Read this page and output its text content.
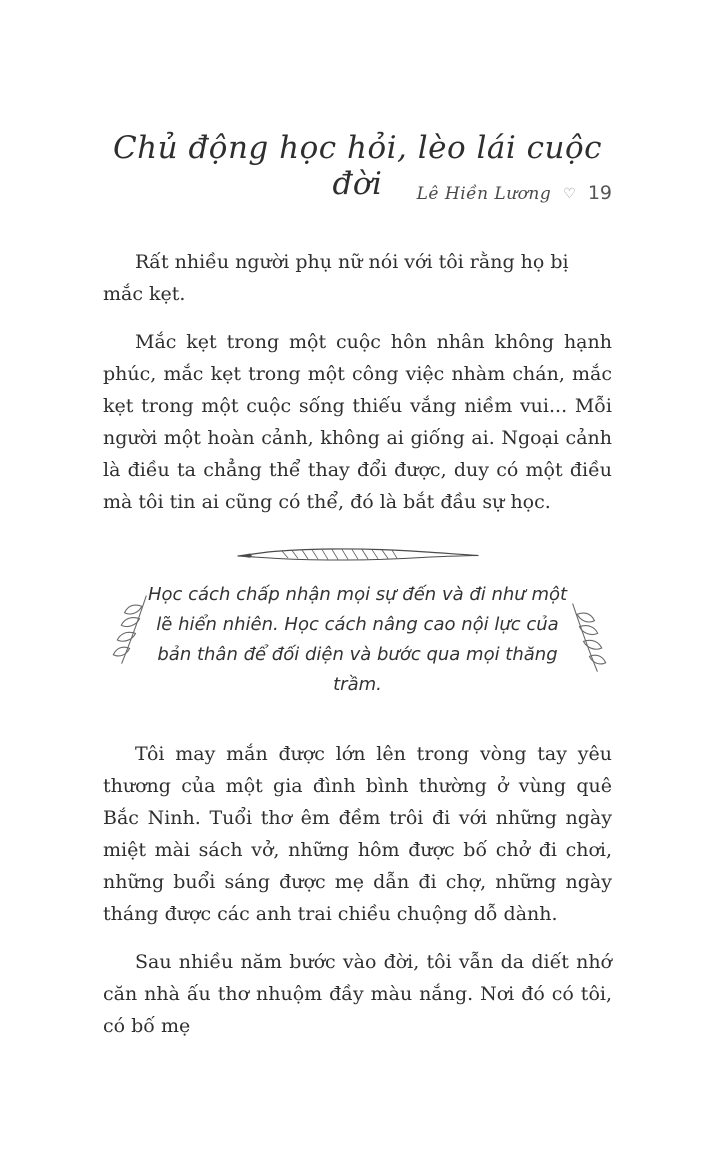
Lê Hiền Lương ♡ 19
Chủ động học hỏi, lèo lái cuộc đời

Rất nhiều người phụ nữ nói với tôi rằng họ bị mắc kẹt.

Mắc kẹt trong một cuộc hôn nhân không hạnh phúc, mắc kẹt trong một công việc nhàm chán, mắc kẹt trong một cuộc sống thiếu vắng niềm vui... Mỗi người một hoàn cảnh, không ai giống ai. Ngoại cảnh là điều ta chẳng thể thay đổi được, duy có một điều mà tôi tin ai cũng có thể, đó là bắt đầu sự học.

Học cách chấp nhận mọi sự đến và đi như một lẽ hiển nhiên. Học cách nâng cao nội lực của bản thân để đối diện và bước qua mọi thăng trầm.

Tôi may mắn được lớn lên trong vòng tay yêu thương của một gia đình bình thường ở vùng quê Bắc Ninh. Tuổi thơ êm đềm trôi đi với những ngày miệt mài sách vở, những hôm được bố chở đi chơi, những buổi sáng được mẹ dẫn đi chợ, những ngày tháng được các anh trai chiều chuộng dỗ dành.

Sau nhiều năm bước vào đời, tôi vẫn da diết nhớ căn nhà ấu thơ nhuộm đầy màu nắng. Nơi đó có tôi, có bố mẹ
